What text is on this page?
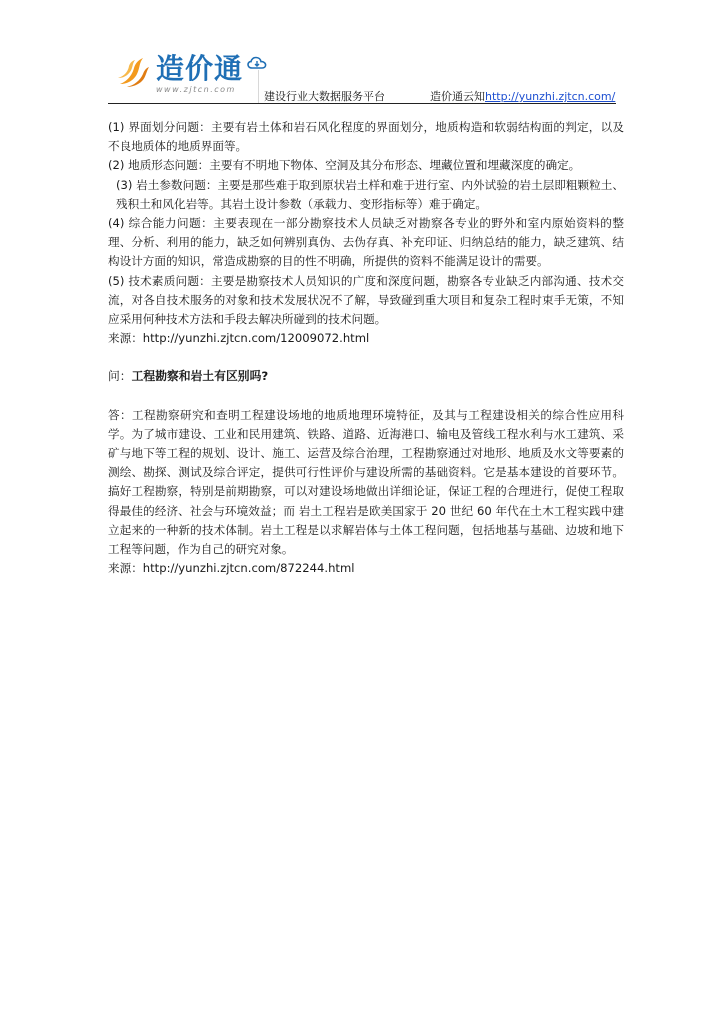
造价通
www.zjtcn.com
建设行业大数据服务平台	造价通云知http://yunzhi.zjtcn.com/

(1) 界面划分问题：主要有岩土体和岩石风化程度的界面划分，地质构造和软弱结构面的判定，以及不良地质体的地质界面等。

(2) 地质形态问题：主要有不明地下物体、空洞及其分布形态、埋藏位置和埋藏深度的确定。

(3) 岩土参数问题：主要是那些难于取到原状岩土样和难于进行室、内外试验的岩土层即粗颗粒土、残积土和风化岩等。其岩土设计参数（承载力、变形指标等）难于确定。

(4) 综合能力问题：主要表现在一部分勘察技术人员缺乏对勘察各专业的野外和室内原始资料的整理、分析、利用的能力，缺乏如何辨别真伪、去伪存真、补充印证、归纳总结的能力，缺乏建筑、结构设计方面的知识，常造成勘察的目的性不明确，所提供的资料不能满足设计的需要。

(5) 技术素质问题：主要是勘察技术人员知识的广度和深度问题，勘察各专业缺乏内部沟通、技术交流，对各自技术服务的对象和技术发展状况不了解，导致碰到重大项目和复杂工程时束手无策，不知应采用何种技术方法和手段去解决所碰到的技术问题。

来源：http://yunzhi.zjtcn.com/12009072.html

问：工程勘察和岩土有区别吗?

答：工程勘察研究和查明工程建设场地的地质地理环境特征，及其与工程建设相关的综合性应用科学。为了城市建设、工业和民用建筑、铁路、道路、近海港口、输电及管线工程水利与水工建筑、采矿与地下等工程的规划、设计、施工、运营及综合治理，工程勘察通过对地形、地质及水文等要素的测绘、勘探、测试及综合评定，提供可行性评价与建设所需的基础资料。它是基本建设的首要环节。搞好工程勘察，特别是前期勘察，可以对建设场地做出详细论证，保证工程的合理进行，促使工程取得最佳的经济、社会与环境效益；而 岩土工程岩是欧美国家于 20 世纪 60 年代在土木工程实践中建立起来的一种新的技术体制。岩土工程是以求解岩体与土体工程问题，包括地基与基础、边坡和地下工程等问题，作为自己的研究对象。

来源：http://yunzhi.zjtcn.com/872244.html
